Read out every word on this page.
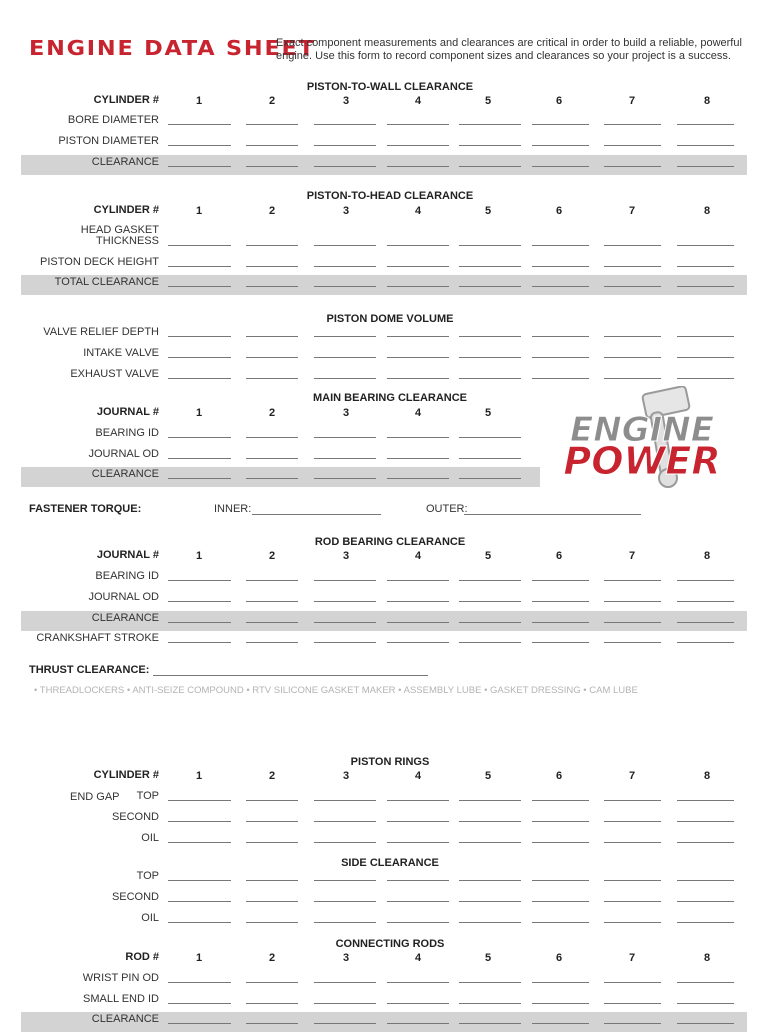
ENGINE DATA SHEET
Exact component measurements and clearances are critical in order to build a reliable, powerful engine. Use this form to record component sizes and clearances so your project is a success.
PISTON-TO-WALL CLEARANCE
CYLINDER #	1	2	3	4	5	6	7	8
BORE DIAMETER
PISTON DIAMETER
CLEARANCE
PISTON-TO-HEAD CLEARANCE
CYLINDER #	1	2	3	4	5	6	7	8
HEAD GASKET
THICKNESS
PISTON DECK HEIGHT
TOTAL CLEARANCE
PISTON DOME VOLUME
VALVE RELIEF DEPTH
INTAKE VALVE
EXHAUST VALVE
MAIN BEARING CLEARANCE
JOURNAL #	1	2	3	4	5
BEARING ID
JOURNAL OD
CLEARANCE
ROD BEARING CLEARANCE
JOURNAL #	1	2	3	4	5	6	7	8
BEARING ID
JOURNAL OD
CLEARANCE
CRANKSHAFT STROKE
PISTON RINGS
CYLINDER #	1	2	3	4	5	6	7	8
END GAP	TOP
SECOND
OIL
SIDE CLEARANCE
TOP
SECOND
OIL
CONNECTING RODS
ROD #	1	2	3	4	5	6	7	8
WRIST PIN OD
SMALL END ID
CLEARANCE
FASTENER TORQUE:	INNER:	OUTER:
THRUST CLEARANCE:
• THREADLOCKERS • ANTI-SEIZE COMPOUND • RTV SILICONE GASKET MAKER • ASSEMBLY LUBE • GASKET DRESSING • CAM LUBE
ENGINE
POWER
